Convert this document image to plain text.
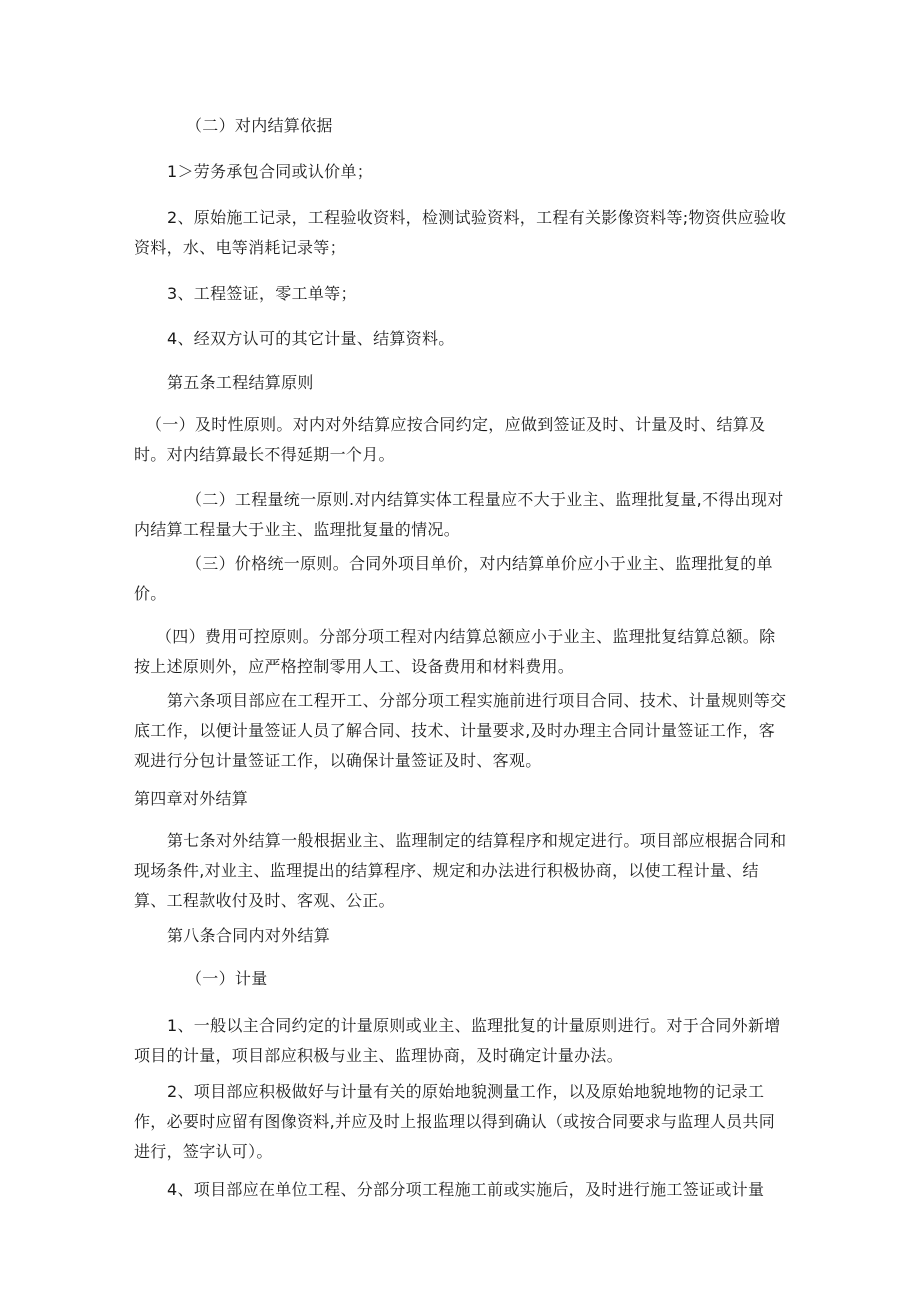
（二）对内结算依据

1＞劳务承包合同或认价单；

2、原始施工记录，工程验收资料，检测试验资料，工程有关影像资料等;物资供应验收资料，水、电等消耗记录等；

3、工程签证，零工单等；

4、经双方认可的其它计量、结算资料。

第五条工程结算原则

（一）及时性原则。对内对外结算应按合同约定，应做到签证及时、计量及时、结算及时。对内结算最长不得延期一个月。

（二）工程量统一原则.对内结算实体工程量应不大于业主、监理批复量,不得出现对内结算工程量大于业主、监理批复量的情况。

（三）价格统一原则。合同外项目单价，对内结算单价应小于业主、监理批复的单价。

（四）费用可控原则。分部分项工程对内结算总额应小于业主、监理批复结算总额。除按上述原则外，应严格控制零用人工、设备费用和材料费用。

第六条项目部应在工程开工、分部分项工程实施前进行项目合同、技术、计量规则等交底工作，以便计量签证人员了解合同、技术、计量要求,及时办理主合同计量签证工作，客观进行分包计量签证工作，以确保计量签证及时、客观。

第四章对外结算

第七条对外结算一般根据业主、监理制定的结算程序和规定进行。项目部应根据合同和现场条件,对业主、监理提出的结算程序、规定和办法进行积极协商，以使工程计量、结算、工程款收付及时、客观、公正。

第八条合同内对外结算

（一）计量

1、一般以主合同约定的计量原则或业主、监理批复的计量原则进行。对于合同外新增项目的计量，项目部应积极与业主、监理协商，及时确定计量办法。

2、项目部应积极做好与计量有关的原始地貌测量工作，以及原始地貌地物的记录工作，必要时应留有图像资料,并应及时上报监理以得到确认（或按合同要求与监理人员共同进行，签字认可）。

4、项目部应在单位工程、分部分项工程施工前或实施后，及时进行施工签证或计量
